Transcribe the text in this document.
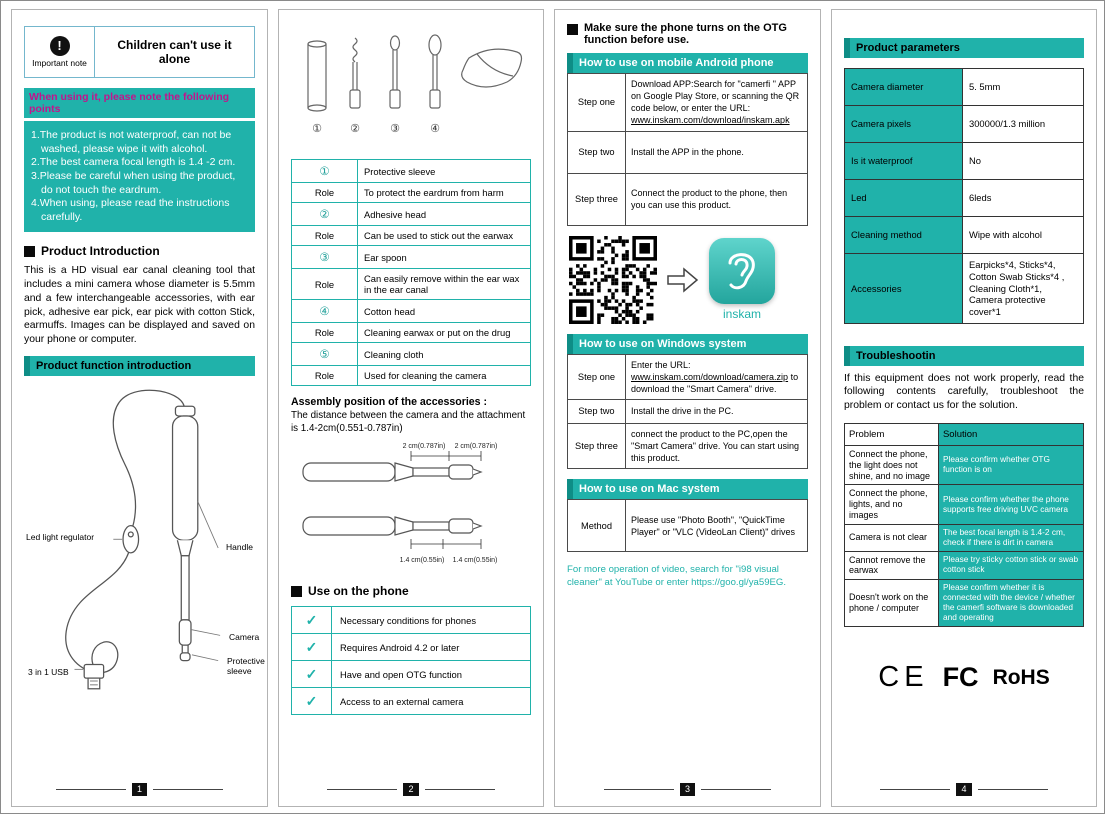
!
Important note
Children can't use it alone
When using it, please note the following points
1.The product is not waterproof, can not be washed, please wipe it with alcohol.
2.The best camera focal length is 1.4 -2 cm.
3.Please be careful when using the product, do not touch the eardrum.
4.When using, please read the instructions carefully.
Product Introduction
This is a HD visual ear canal cleaning tool that includes a mini camera whose diameter is 5.5mm and a few interchangeable accessories, with ear pick, adhesive ear pick, ear pick with cotton Stick, earmuffs. Images can be displayed and saved on your phone or computer.
Product function introduction
Led light regulator
Handle
Camera
Protective sleeve
3 in 1 USB
1
①	②	③	④
①	Protective sleeve
Role	To protect the eardrum from harm
②	Adhesive head
Role	Can be used to stick out the earwax
③	Ear spoon
Role	Can easily remove within the ear wax in the ear canal
④	Cotton head
Role	Cleaning earwax or put on the drug
⑤	Cleaning cloth
Role	Used for cleaning the camera
Assembly position of the accessories :
The distance between the camera and the attachment is 1.4-2cm(0.551-0.787in)
2 cm(0.787in) 2 cm(0.787in)
1.4 cm(0.55in) 1.4 cm(0.55in)
Use on the phone
✓	Necessary conditions for phones
✓	Requires Android 4.2 or later
✓	Have and open OTG function
✓	Access to an external camera
2
Make sure the phone turns on the OTG function before use.
How to use on mobile Android phone
Step one	Download APP:Search for "camerfi " APP on Google Play Store, or scanning the QR code below, or enter the URL: www.inskam.com/download/inskam.apk
Step two	Install the APP in the phone.
Step three	Connect the product to the phone, then you can use this product.
inskam
How to use on Windows system
Step one	Enter the URL: www.inskam.com/download/camera.zip to download the "Smart Camera" drive.
Step two	Install the drive in the PC.
Step three	connect the product to the PC,open the "Smart Camera" drive. You can start using this product.
How to use on Mac system
Method	Please use "Photo Booth", "QuickTime Player" or "VLC (VideoLan Client)" drives
For more operation of video, search for "i98 visual cleaner" at YouTube or enter https://goo.gl/ya59EG.
3
Product parameters
Camera diameter	5. 5mm
Camera pixels	300000/1.3 million
Is it waterproof	No
Led	6leds
Cleaning method	Wipe with alcohol
Accessories	Earpicks*4, Sticks*4, Cotton Swab Sticks*4 , Cleaning Cloth*1, Camera protective cover*1
Troubleshootin
If this equipment does not work properly, read the following contents carefully, troubleshoot the problem or contact us for the solution.
Problem	Solution
Connect the phone, the light does not shine, and no image	Please confirm whether OTG function is on
Connect the phone, lights, and no images	Please confirm whether the phone supports free driving UVC camera
Camera is not clear	The best focal length is 1.4-2 cm, check if there is dirt in camera
Cannot remove the earwax	Please try sticky cotton stick or swab cotton stick
Doesn't work on the phone / computer	Please confirm whether it is connected with the device / whether the camerfi software is downloaded and operating
CE FC RoHS
4
